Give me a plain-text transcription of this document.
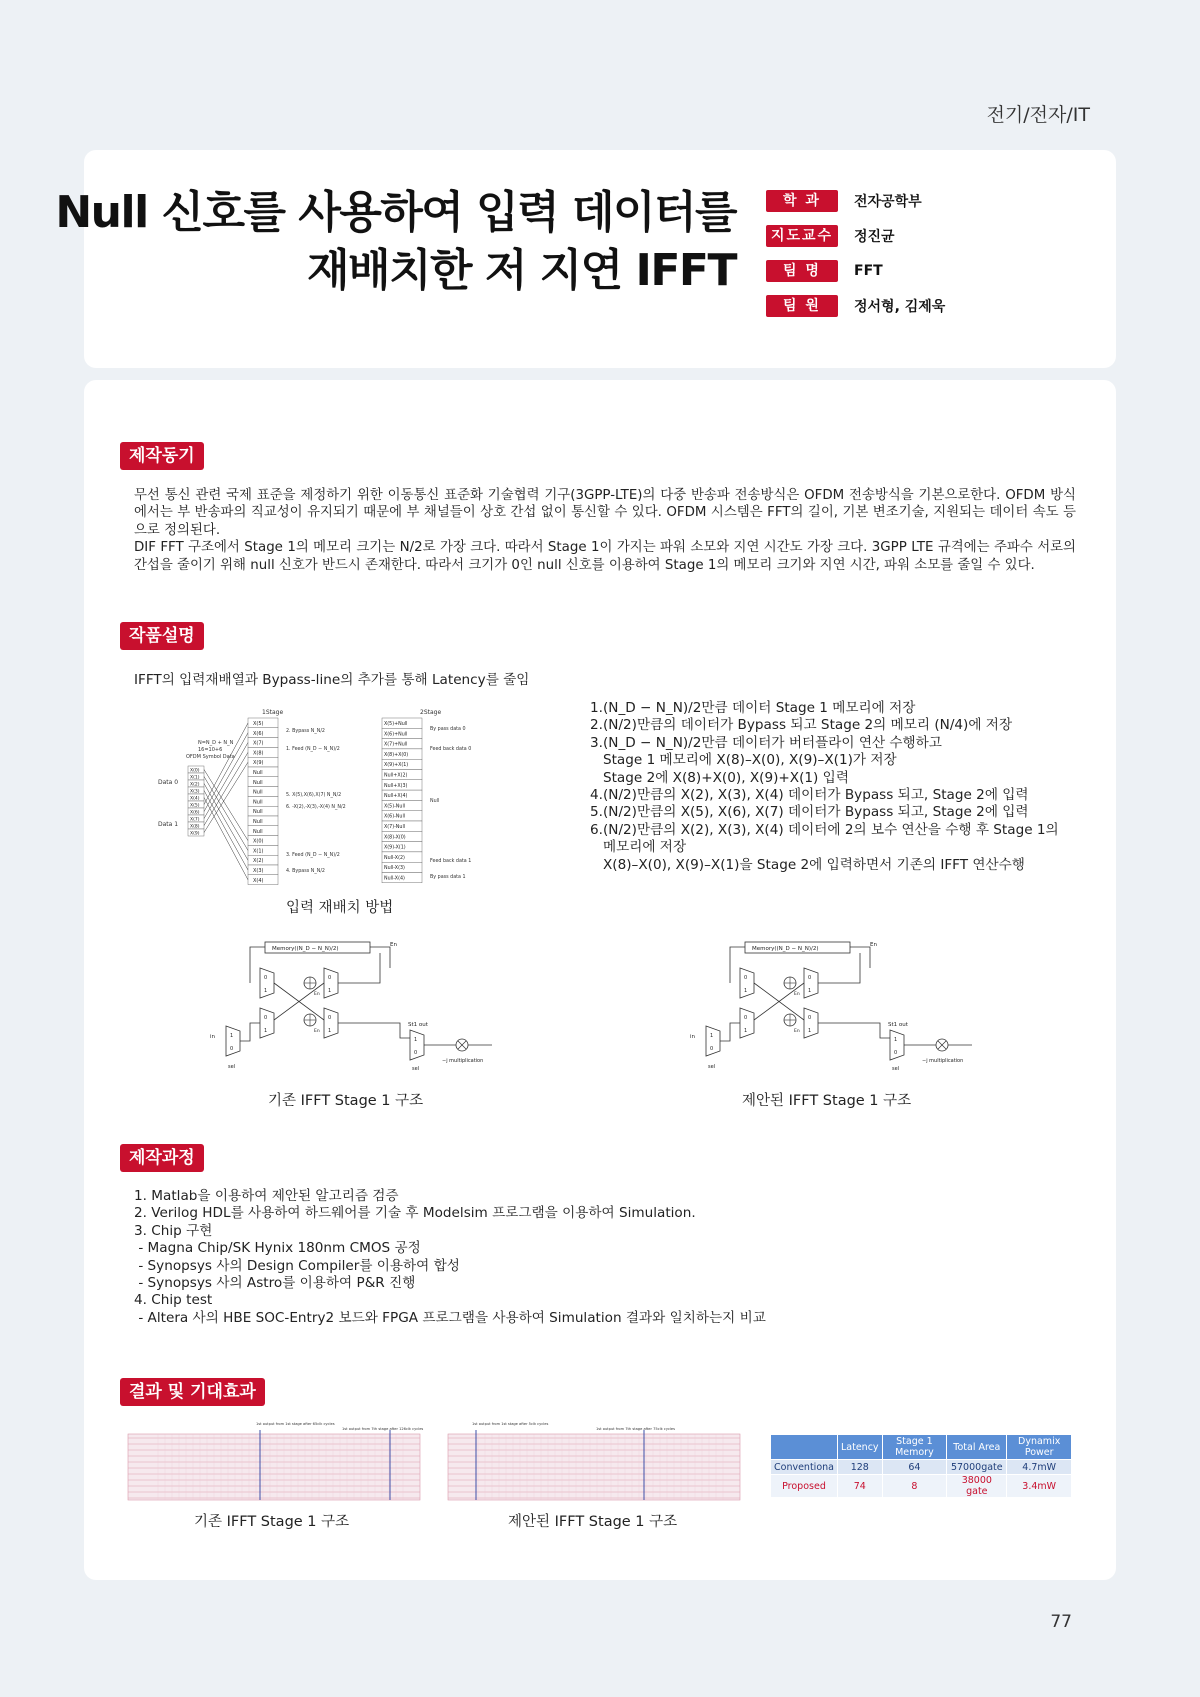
전기/전자/IT
Null 신호를 사용하여 입력 데이터를
재배치한 저 지연 IFFT
학 과	전자공학부
지도교수	정진균
팀 명	FFT
팀 원	정서형, 김제욱
제작동기

무선 통신 관련 국제 표준을 제정하기 위한 이동통신 표준화 기술협력 기구(3GPP-LTE)의 다중 반송파 전송방식은 OFDM 전송방식을 기본으로한다. OFDM 방식에서는 부 반송파의 직교성이 유지되기 때문에 부 채널들이 상호 간섭 없이 통신할 수 있다. OFDM 시스템은 FFT의 길이, 기본 변조기술, 지원되는 데이터 속도 등으로 정의된다.

DIF FFT 구조에서 Stage 1의 메모리 크기는 N/2로 가장 크다. 따라서 Stage 1이 가지는 파워 소모와 지연 시간도 가장 크다. 3GPP LTE 규격에는 주파수 서로의 간섭을 줄이기 위해 null 신호가 반드시 존재한다. 따라서 크기가 0인 null 신호를 이용하여 Stage 1의 메모리 크기와 지연 시간, 파워 소모를 줄일 수 있다.

작품설명
IFFT의 입력재배열과 Bypass-line의 추가를 통해 Latency를 줄임
1Stage	2Stage
N=N_D + N_N
16=10+6
OFDM Symbol Data
Data 0
Data 1
X(0)
X(1)
X(2)
X(3)
X(4)
X(5)
X(6)
X(7)
X(8)
X(9)
X(5)
X(6)
X(7)
X(8)
X(9)
Null
Null
Null
Null
Null
Null
Null
X(0)
X(1)
X(2)
X(3)
X(4)
X(5)+Null
X(6)+Null
X(7)+Null
X(8)+X(0)
X(9)+X(1)
Null+X(2)
Null+X(3)
Null+X(4)
X(5)-Null
X(6)-Null
X(7)-Null
X(8)-X(0)
X(9)-X(1)
Null-X(2)
Null-X(3)
Null-X(4)
2. Bypass N_N/2
1. Feed (N_D − N_N)/2
5. X(5),X(6),X(7) N_N/2
6. -X(2),-X(3),-X(4) N_N/2
3. Feed (N_D − N_N)/2
4. Bypass N_N/2
By pass data 0
Feed back data 0
Null
Feed back data 1
By pass data 1
입력 재배치 방법
1.(N_D − N_N)/2만큼 데이터 Stage 1 메모리에 저장
2.(N/2)만큼의 데이터가 Bypass 되고 Stage 2의 메모리 (N/4)에 저장
3.(N_D − N_N)/2만큼 데이터가 버터플라이 연산 수행하고
Stage 1 메모리에 X(8)–X(0), X(9)–X(1)가 저장
Stage 2에 X(8)+X(0), X(9)+X(1) 입력
4.(N/2)만큼의 X(2), X(3), X(4) 데이터가 Bypass 되고, Stage 2에 입력
5.(N/2)만큼의 X(5), X(6), X(7) 데이터가 Bypass 되고, Stage 2에 입력
6.(N/2)만큼의 X(2), X(3), X(4) 데이터에 2의 보수 연산을 수행 후 Stage 1의
메모리에 저장
X(8)–X(0), X(9)–X(1)을 Stage 2에 입력하면서 기존의 IFFT 연산수행
Memory((N_D − N_N)/2)
En
0
1
0
1
0
1
0
1
En
En
1
0
in
sel
1
0
St1 out
sel
−j multiplication
기존 IFFT Stage 1 구조
Memory((N_D − N_N)/2)
En
0
1
0
1
0
1
0
1
En
En
1
0
in
sel
1
0
St1 out
sel
−j multiplication
제안된 IFFT Stage 1 구조
제작과정
1. Matlab을 이용하여 제안된 알고리즘 검증
2. Verilog HDL를 사용하여 하드웨어를 기술 후 Modelsim 프로그램을 이용하여 Simulation.
3. Chip 구현
- Magna Chip/SK Hynix 180nm CMOS 공정
- Synopsys 사의 Design Compiler를 이용하여 합성
- Synopsys 사의 Astro를 이용하여 P&R 진행
4. Chip test
- Altera 사의 HBE SOC-Entry2 보드와 FPGA 프로그램을 사용하여 Simulation 결과와 일치하는지 비교
결과 및 기대효과
1st output from 1st stage after 65clk cycles
1st output from 7th stage after 126clk cycles
1st output from 1st stage after 5clk cycles
1st output from 7th stage after 75clk cycles
기존 IFFT Stage 1 구조	제안된 IFFT Stage 1 구조
	Latency	Stage 1 Memory	Total Area	Dynamix Power
Conventiona	128	64	57000gate	4.7mW
Proposed	74	8	38000 gate	3.4mW
77
